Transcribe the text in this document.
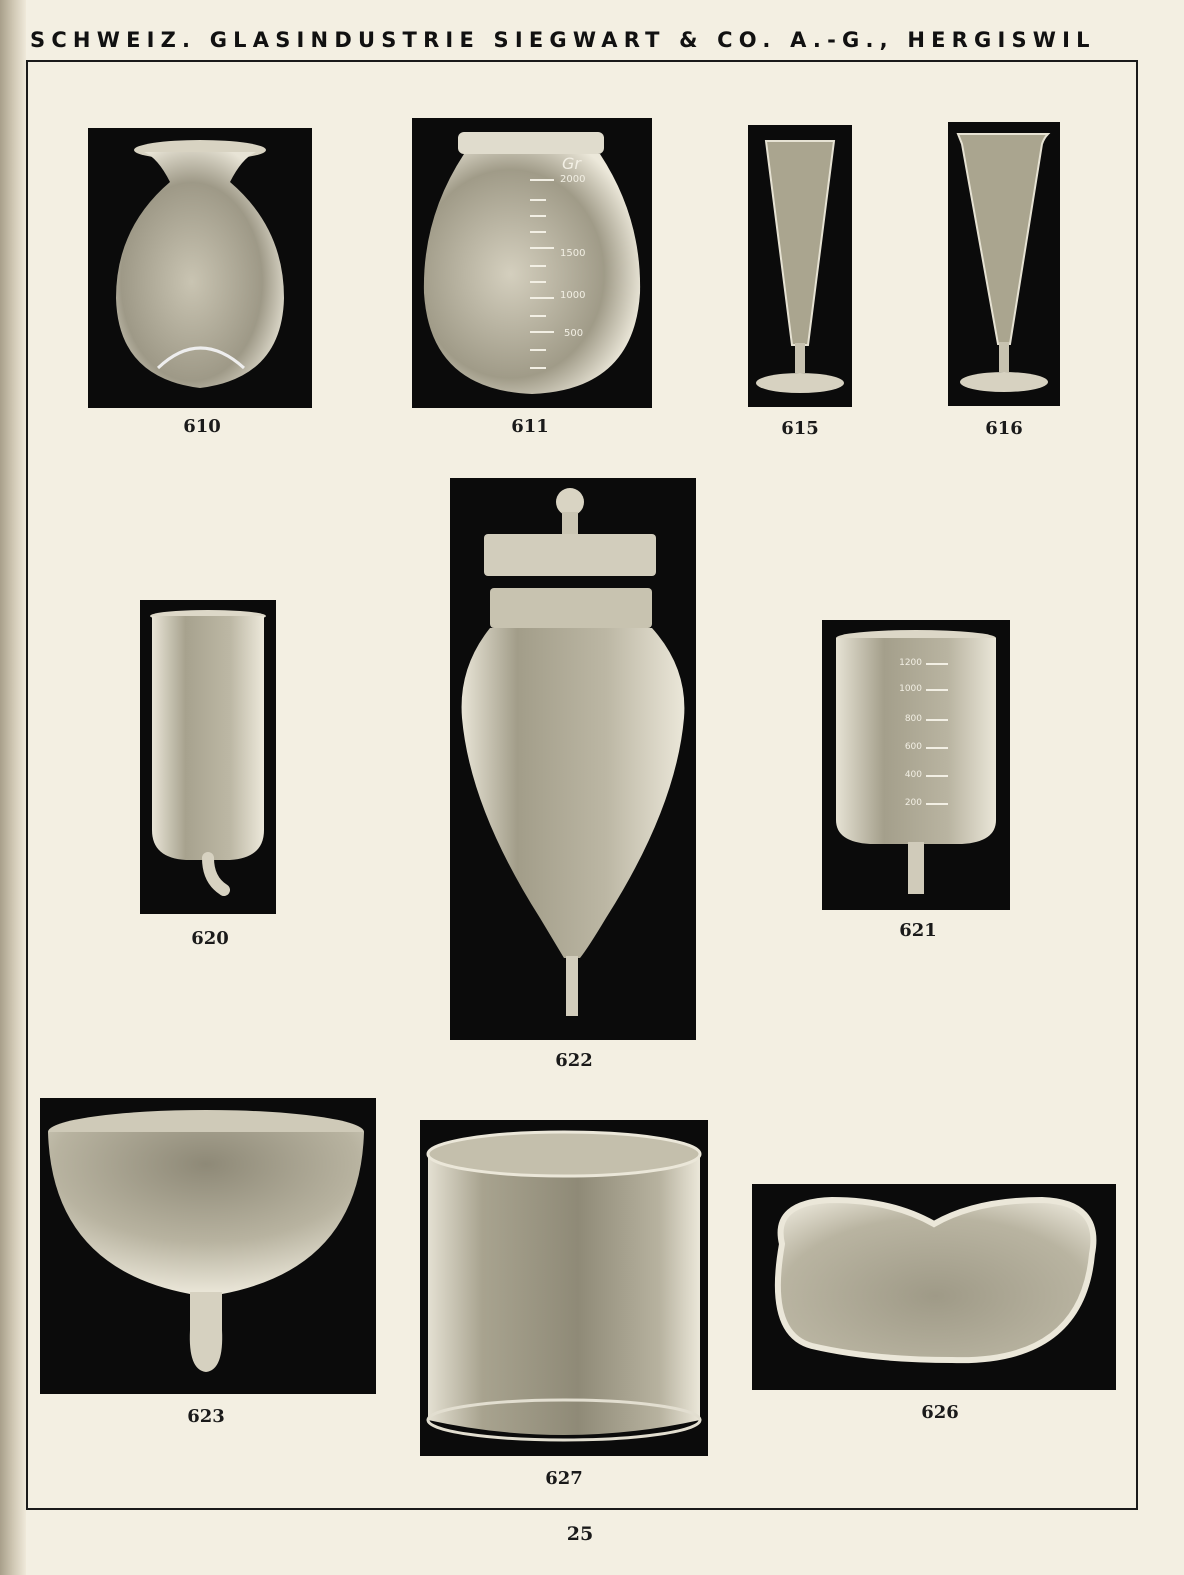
SCHWEIZ. GLASINDUSTRIE SIEGWART & CO. A.-G., HERGISWIL
610
Gr
2000
1500
1000
500
611	615	616
620
622
1200
1000
800
600
400
200
621
623
627
626
25
